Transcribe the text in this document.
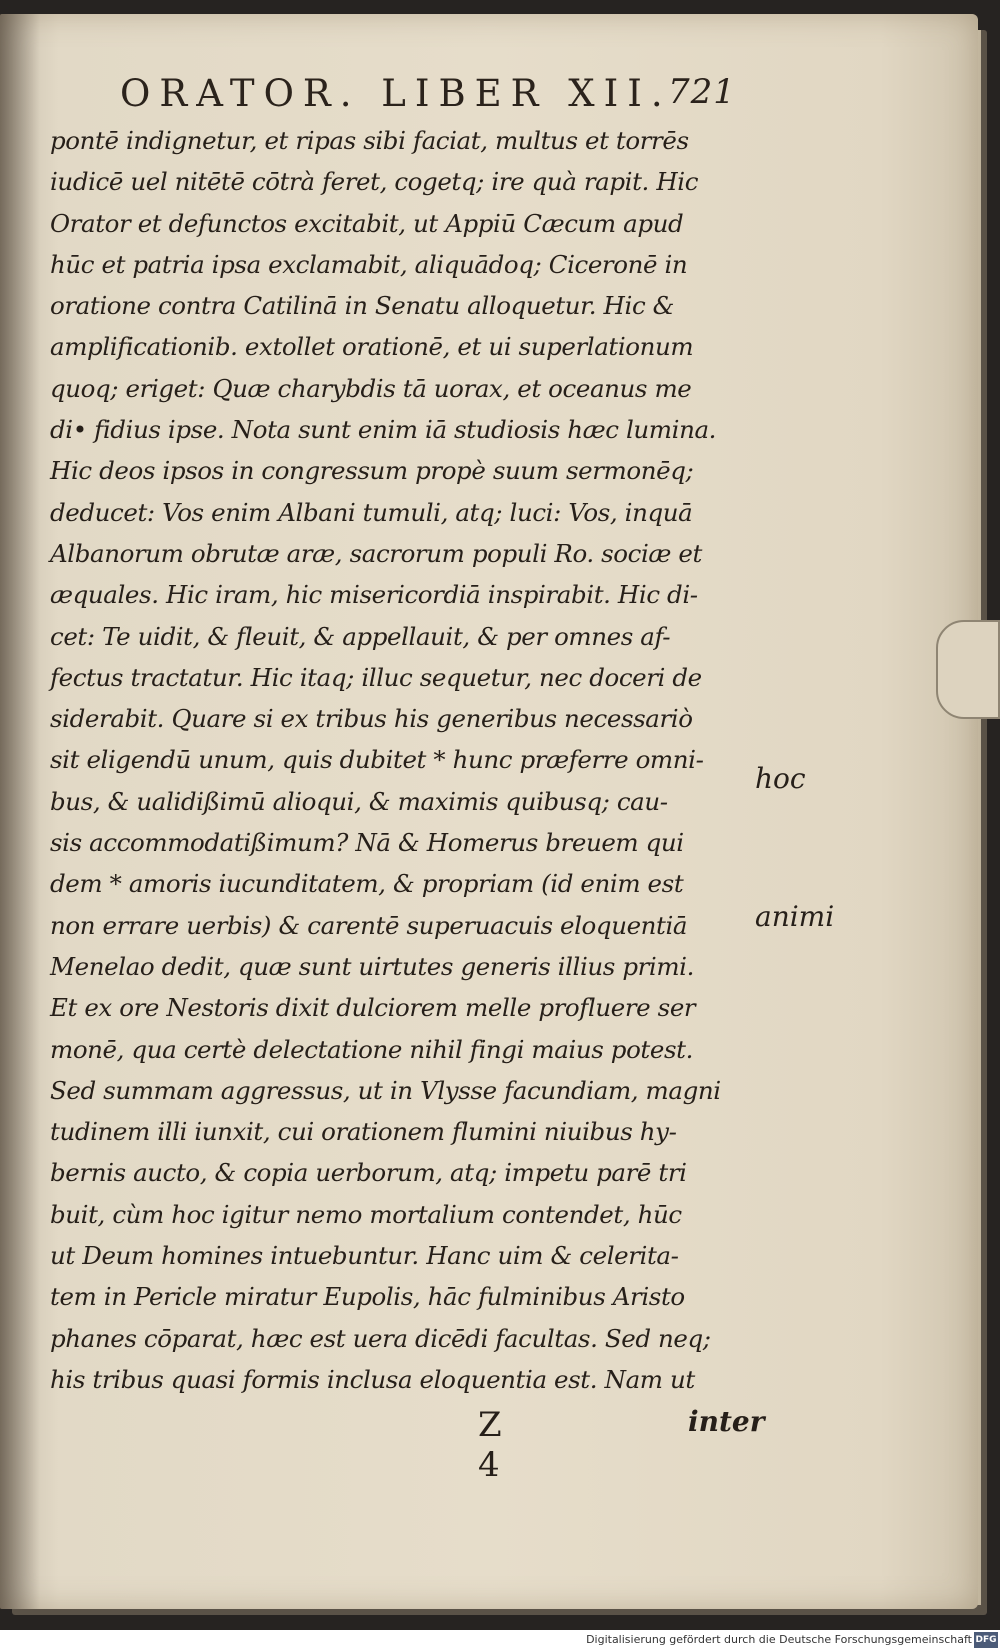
ORATOR. LIBER XII.
721
pontē indignetur, et ripas sibi faciat, multus et torrēs
iudicē uel nitētē cōtrà feret, cogetq; ire quà rapit. Hic
Orator et defunctos excitabit, ut Appiū Cæcum apud
hūc et patria ipsa exclamabit, aliquādoq; Ciceronē in
oratione contra Catilinā in Senatu alloquetur. Hic &
amplificationib. extollet orationē, et ui superlationum
quoq; eriget: Quæ charybdis tā uorax, et oceanus me
di• fidius ipse. Nota sunt enim iā studiosis hæc lumina.
Hic deos ipsos in congressum propè suum sermonēq;
deducet: Vos enim Albani tumuli, atq; luci: Vos, inquā
Albanorum obrutæ aræ, sacrorum populi Ro. sociæ et
æquales. Hic iram, hic misericordiā inspirabit. Hic di-
cet: Te uidit, & fleuit, & appellauit, & per omnes af-
fectus tractatur. Hic itaq; illuc sequetur, nec doceri de
siderabit. Quare si ex tribus his generibus necessariò
sit eligendū unum, quis dubitet * hunc præferre omni-
bus, & ualidißimū alioqui, & maximis quibusq; cau-
sis accommodatißimum? Nā & Homerus breuem qui
dem * amoris iucunditatem, & propriam (id enim est
non errare uerbis) & carentē superuacuis eloquentiā
Menelao dedit, quæ sunt uirtutes generis illius primi.
Et ex ore Nestoris dixit dulciorem melle profluere ser
monē, qua certè delectatione nihil fingi maius potest.
Sed summam aggressus, ut in Vlysse facundiam, magni
tudinem illi iunxit, cui orationem flumini niuibus hy-
bernis aucto, & copia uerborum, atq; impetu parē tri
buit, cùm hoc igitur nemo mortalium contendet, hūc
ut Deum homines intuebuntur. Hanc uim & celerita-
tem in Pericle miratur Eupolis, hāc fulminibus Aristo
phanes cōparat, hæc est uera dicēdi facultas. Sed neq;
his tribus quasi formis inclusa eloquentia est. Nam ut
hoc
animi
Z 4
inter
Digitalisierung gefördert durch die Deutsche Forschungsgemeinschaft DFG
